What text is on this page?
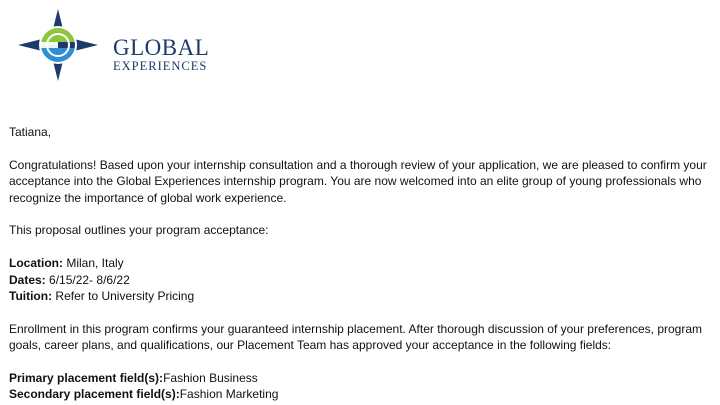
GLOBAL
EXPERIENCES

Tatiana,

Congratulations! Based upon your internship consultation and a thorough review of your application, we are pleased to confirm your acceptance into the Global Experiences internship program. You are now welcomed into an elite group of young professionals who recognize the importance of global work experience.

This proposal outlines your program acceptance:

Location: Milan, Italy

Dates: 6/15/22- 8/6/22

Tuition: Refer to University Pricing

Enrollment in this program confirms your guaranteed internship placement. After thorough discussion of your preferences, program goals, career plans, and qualifications, our Placement Team has approved your acceptance in the following fields:

Primary placement field(s):Fashion Business

Secondary placement field(s):Fashion Marketing
